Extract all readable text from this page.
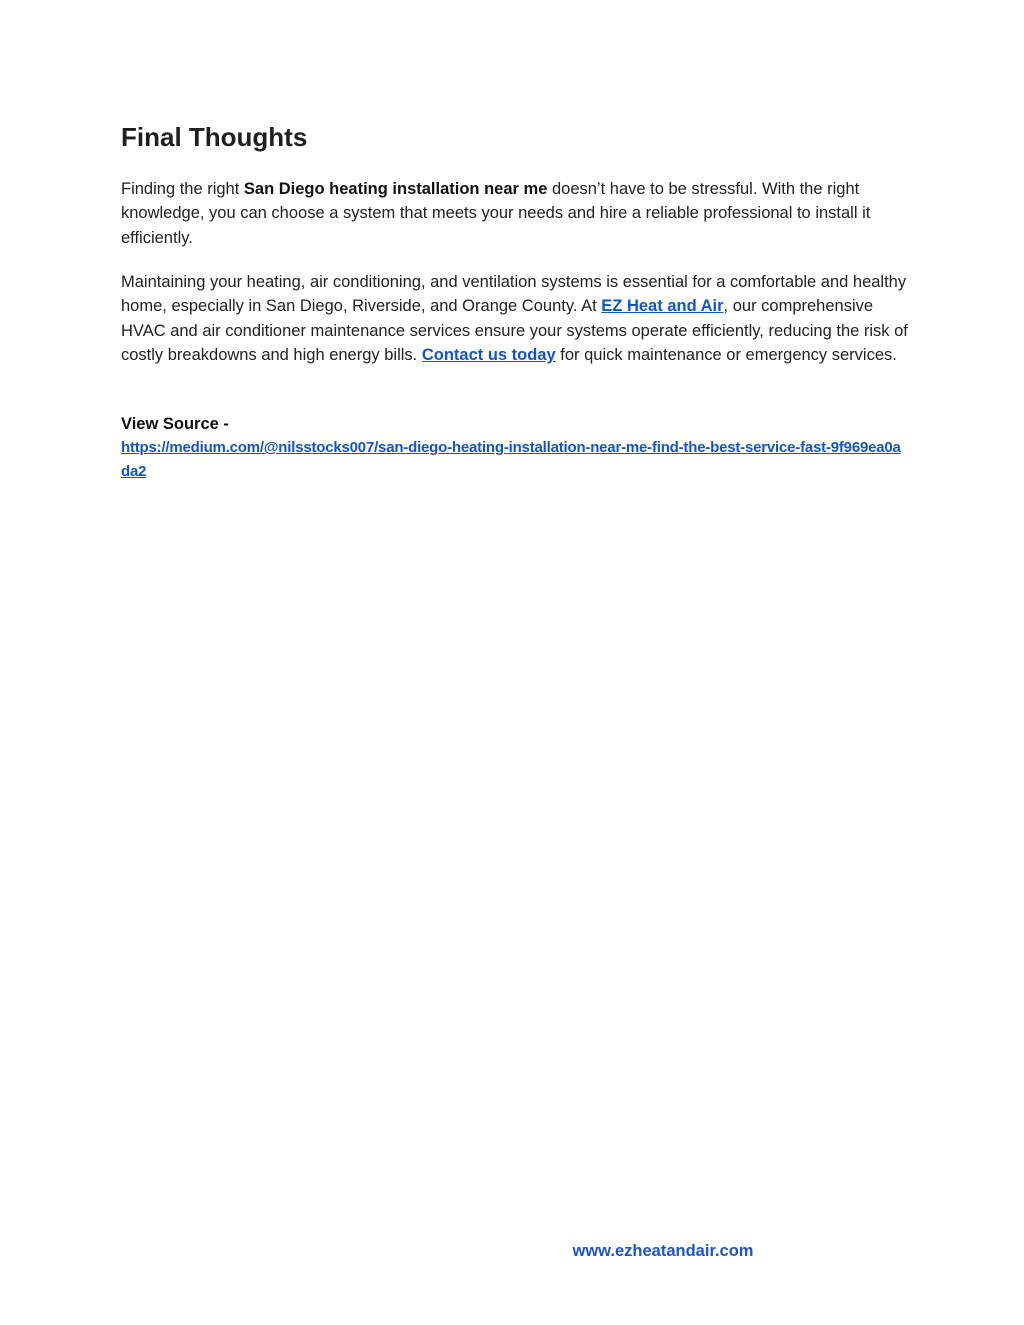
Final Thoughts

Finding the right San Diego heating installation near me doesn’t have to be stressful. With the right knowledge, you can choose a system that meets your needs and hire a reliable professional to install it efficiently.

Maintaining your heating, air conditioning, and ventilation systems is essential for a comfortable and healthy home, especially in San Diego, Riverside, and Orange County. At EZ Heat and Air, our comprehensive HVAC and air conditioner maintenance services ensure your systems operate efficiently, reducing the risk of costly breakdowns and high energy bills. Contact us today for quick maintenance or emergency services.

View Source -

https://medium.com/@nilsstocks007/san-diego-heating-installation-near-me-find-the-best-service-fast-9f969ea0ada2
www.ezheatandair.com
